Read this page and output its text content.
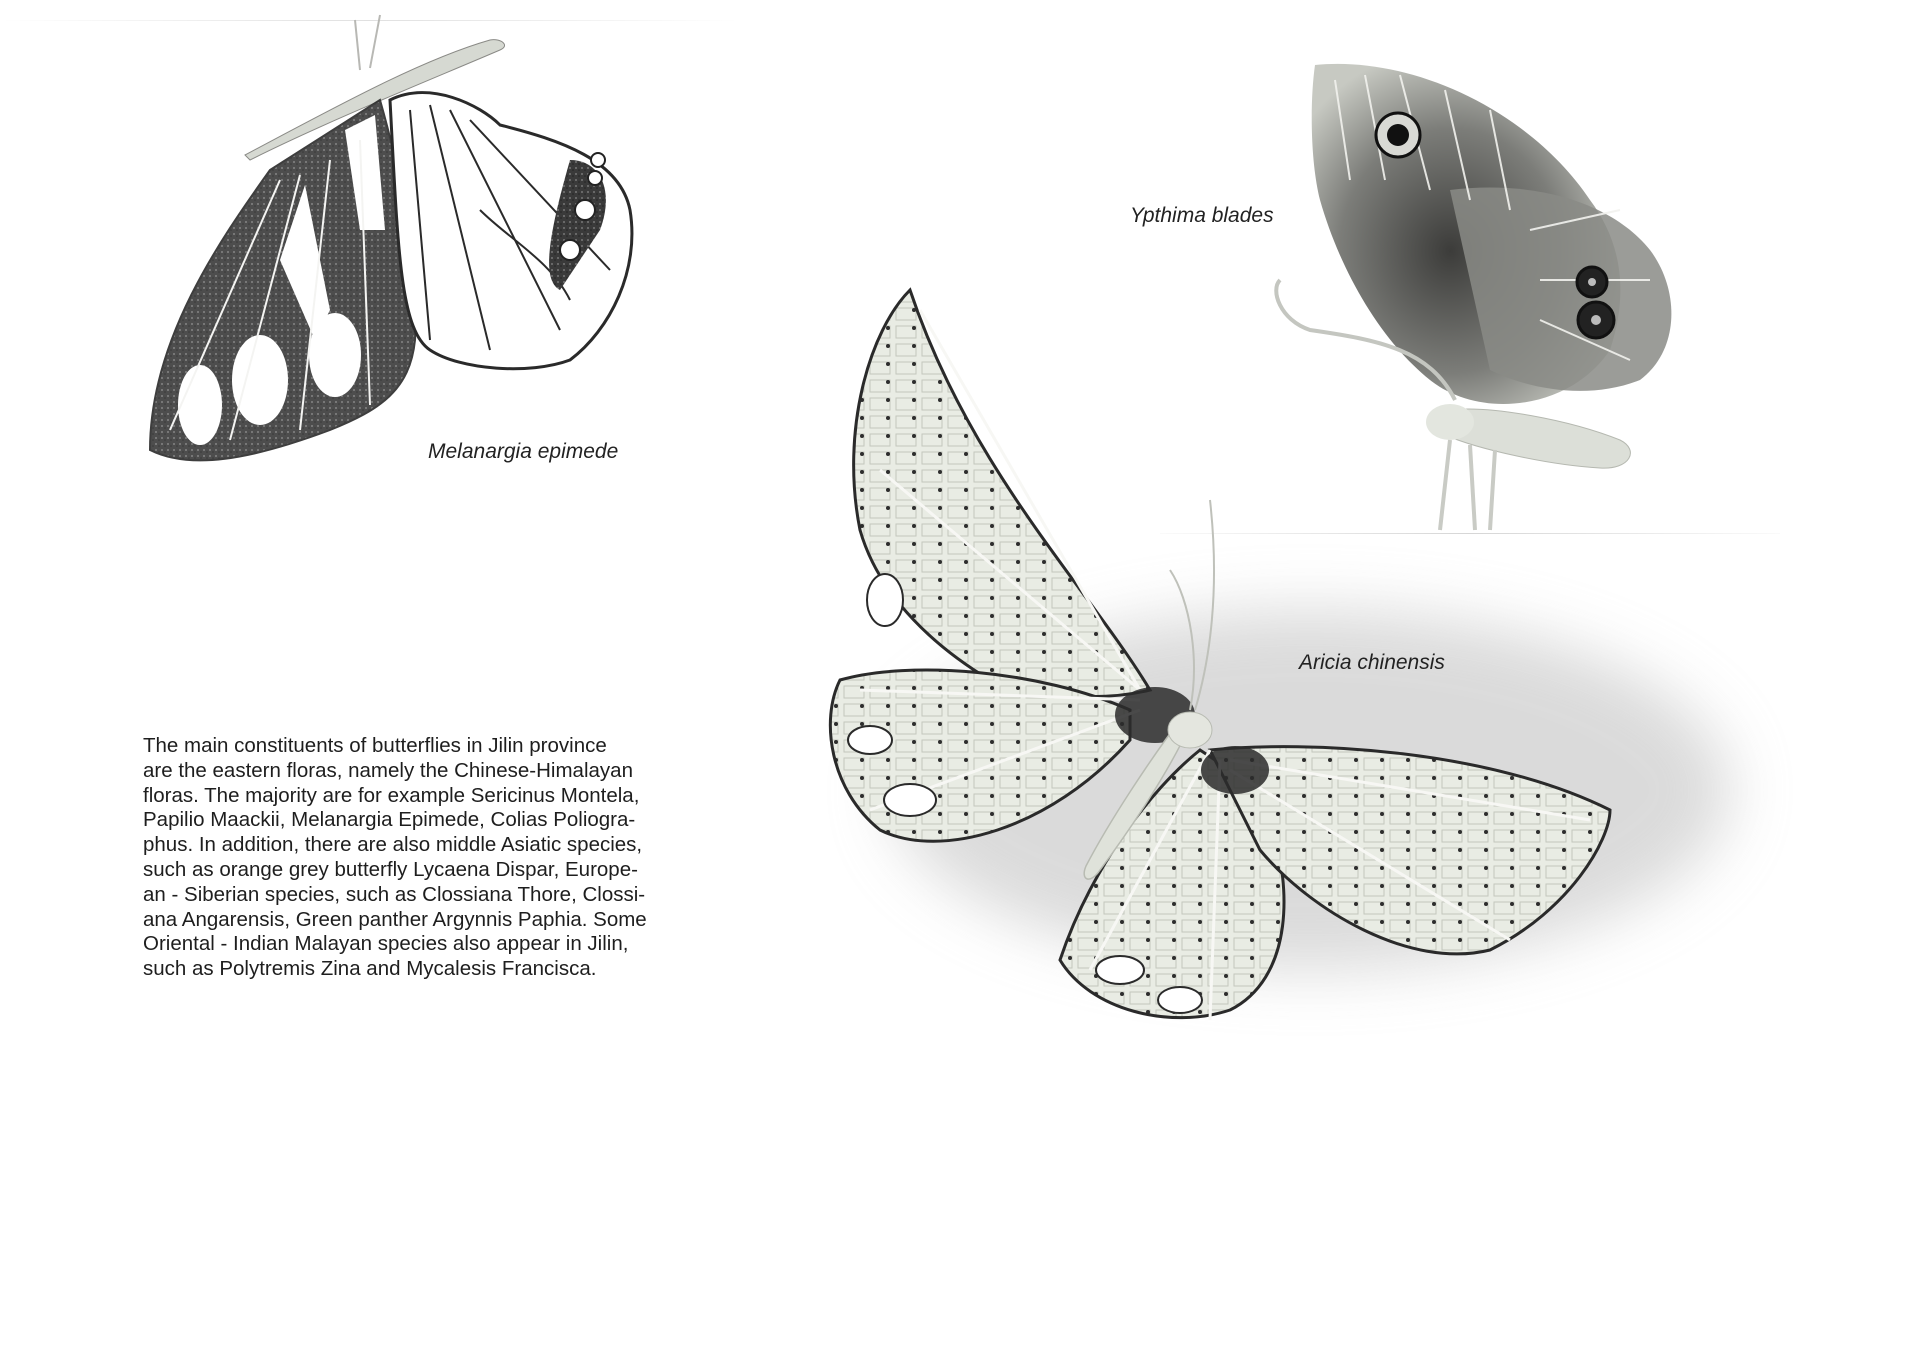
Melanargia epimede
Ypthima blades
Aricia chinensis
The main constituents of butterflies in Jilin province
are the eastern floras, namely the Chinese-Himalayan
floras. The majority are for example Sericinus Montela,
Papilio Maackii, Melanargia Epimede, Colias Poliogra-
phus. In addition, there are also middle Asiatic species,
such as orange grey butterfly Lycaena Dispar, Europe-
an - Siberian species, such as Clossiana Thore, Clossi-
ana Angarensis, Green panther Argynnis Paphia. Some
Oriental - Indian Malayan species also appear in Jilin,
such as Polytremis Zina and Mycalesis Francisca.
